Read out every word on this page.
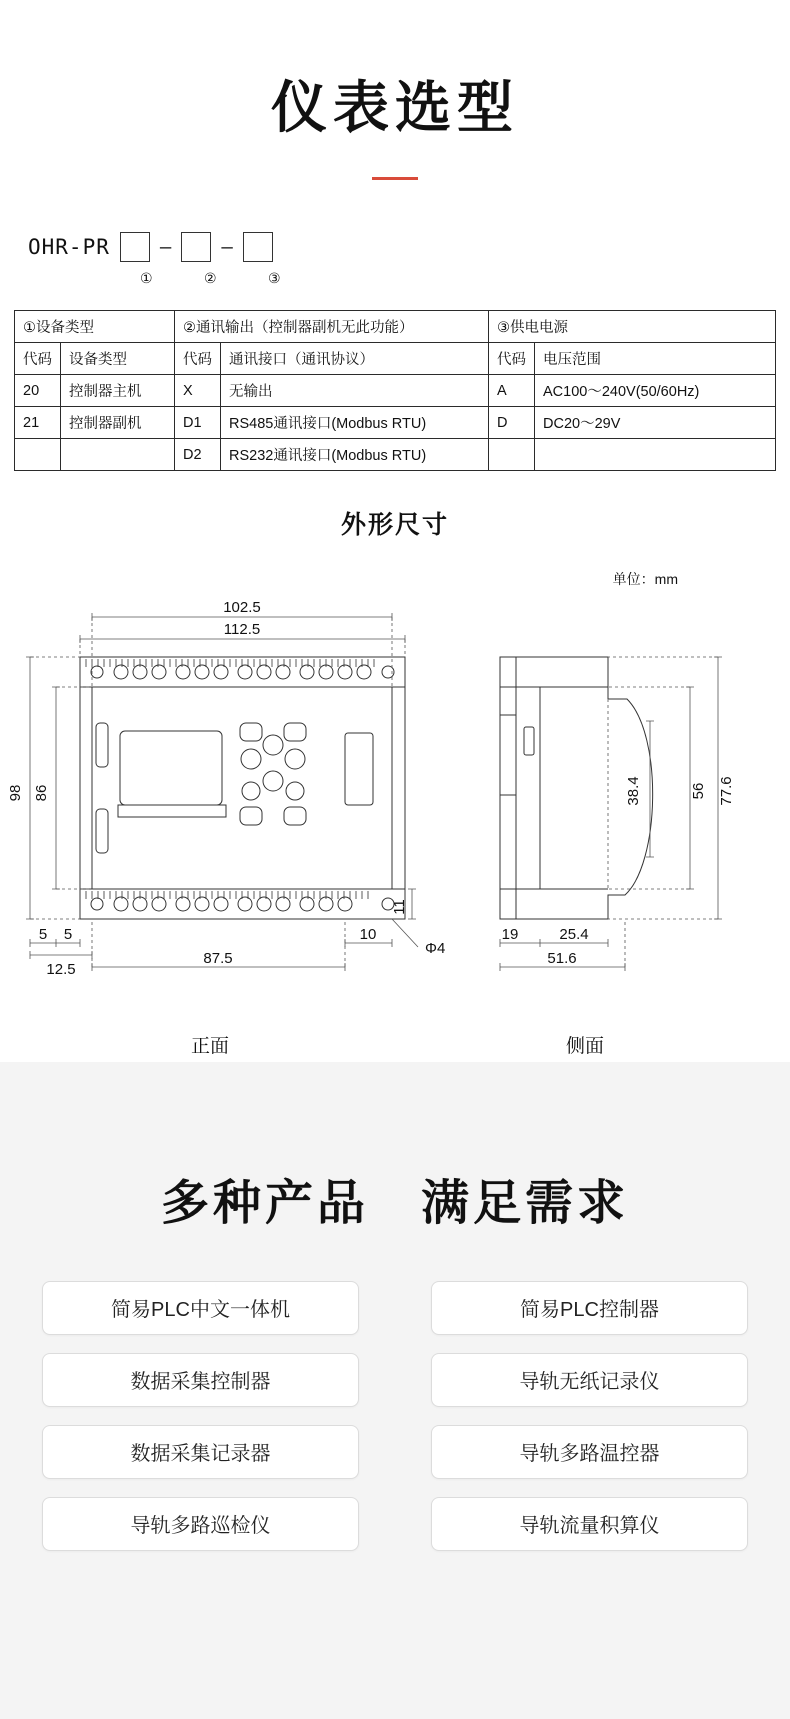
仪表选型
OHR-PR	—	—
①	②	③
①设备类型		②通讯输出（控制器副机无此功能）		③供电电源	
代码	设备类型	代码	通讯接口（通讯协议）	代码	电压范围
20	控制器主机	X	无输出	A	AC100～240V(50/60Hz)
21	控制器副机	D1	RS485通讯接口(Modbus RTU)	D	DC20～29V
		D2	RS232通讯接口(Modbus RTU)		
外形尺寸
单位：mm
102.5
112.5
87.5
5 5
12.5
10	19	25.4
51.6
Φ4
98 86
11
77.6
56
38.4
正面	侧面
多种产品　满足需求
简易PLC中文一体机	简易PLC控制器
数据采集控制器	导轨无纸记录仪
数据采集记录器	导轨多路温控器
导轨多路巡检仪	导轨流量积算仪
